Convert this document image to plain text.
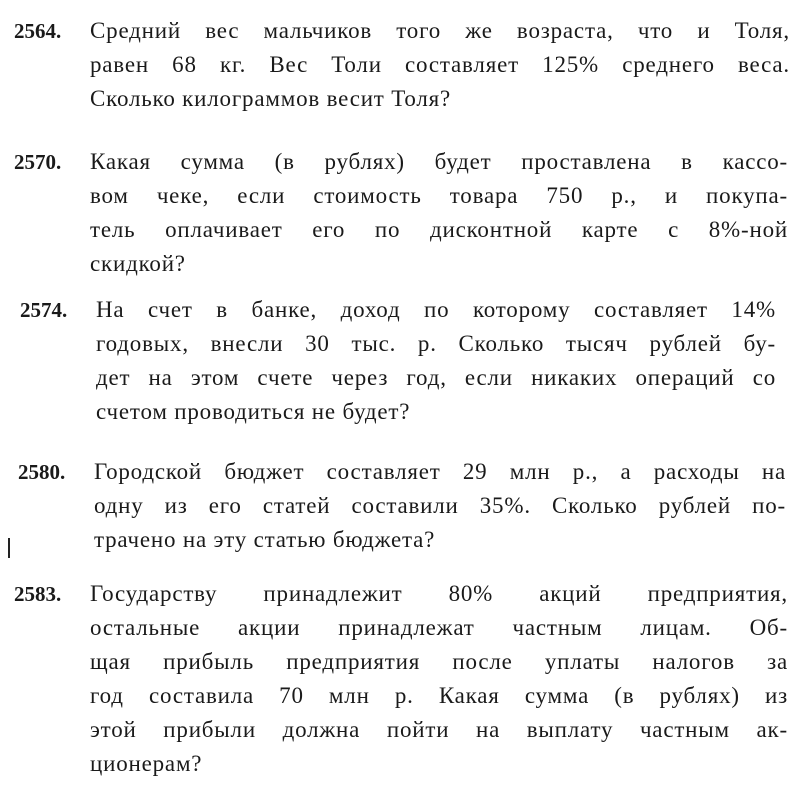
2564. Средний вес мальчиков того же возраста, что и Толя,
равен 68 кг. Вес Толи составляет 125% среднего веса.
Сколько килограммов весит Толя?
2570. Какая сумма (в рублях) будет проставлена в кассо-
вом чеке, если стоимость товара 750 р., и покупа-
тель оплачивает его по дисконтной карте с 8%-ной
скидкой?
2574. На счет в банке, доход по которому составляет 14%
годовых, внесли 30 тыс. р. Сколько тысяч рублей бу-
дет на этом счете через год, если никаких операций со
счетом проводиться не будет?
2580. Городской бюджет составляет 29 млн р., а расходы на
одну из его статей составили 35%. Сколько рублей по-
трачено на эту статью бюджета?
2583. Государству принадлежит 80% акций предприятия,
остальные акции принадлежат частным лицам. Об-
щая прибыль предприятия после уплаты налогов за
год составила 70 млн р. Какая сумма (в рублях) из
этой прибыли должна пойти на выплату частным ак-
ционерам?
